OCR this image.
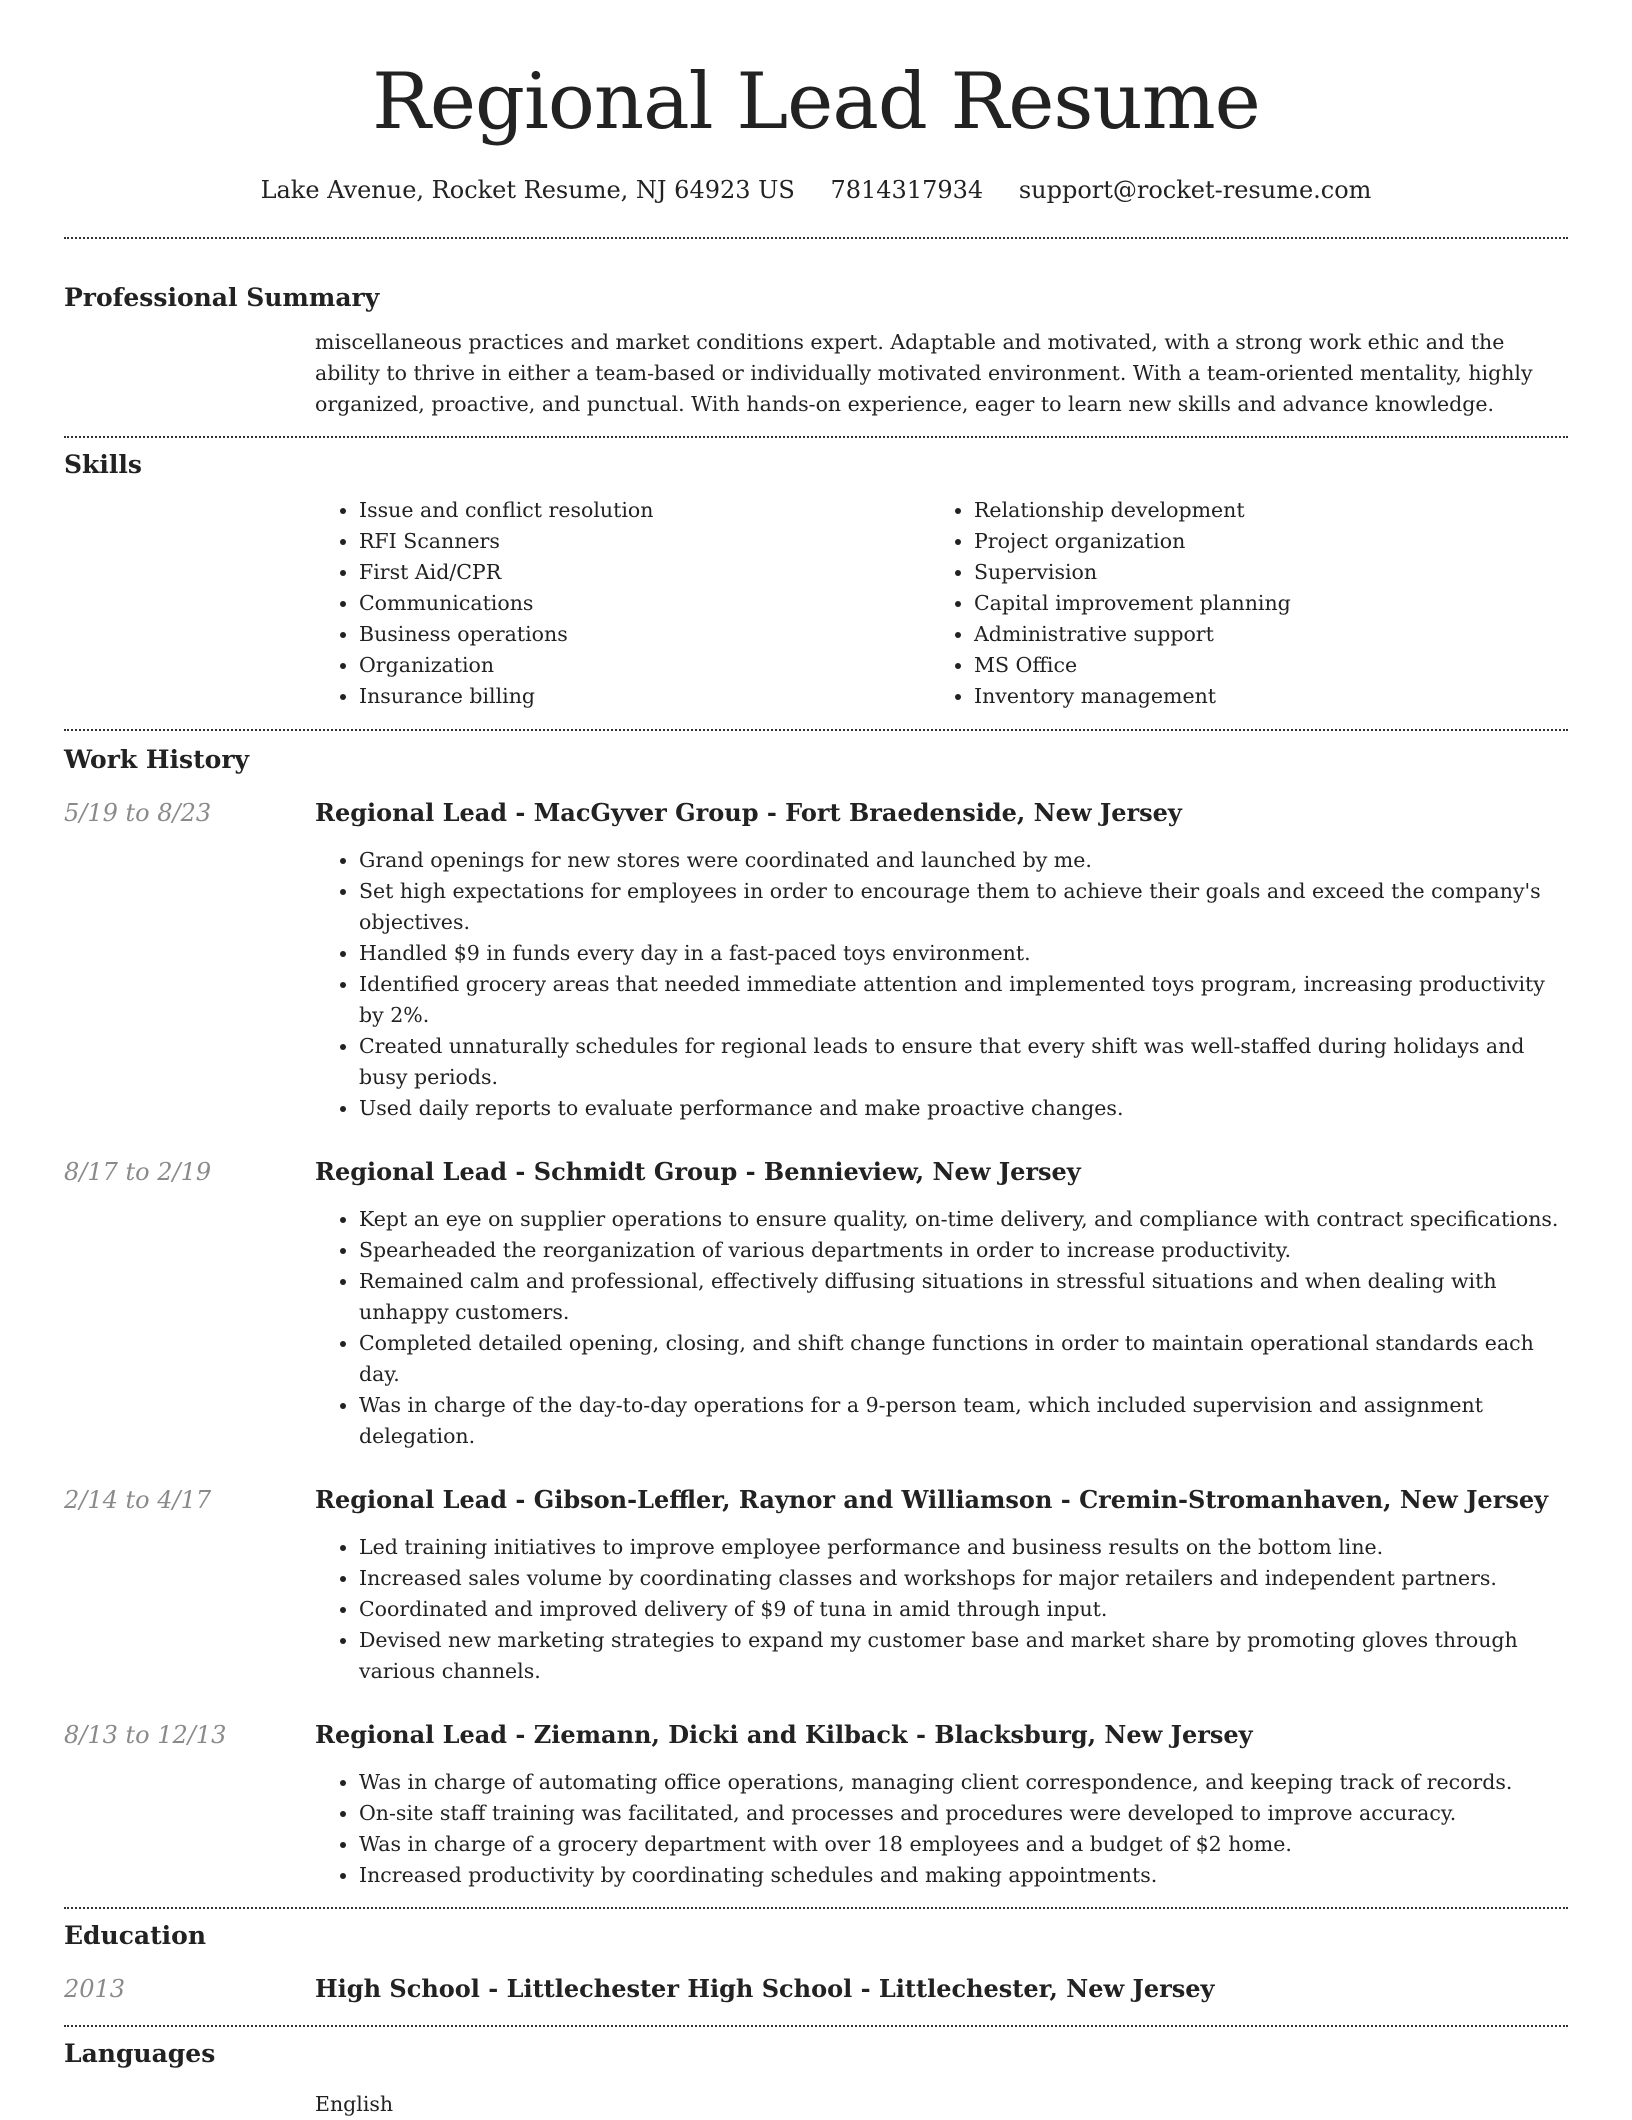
Regional Lead Resume
Lake Avenue, Rocket Resume, NJ 64923 US 7814317934 support@rocket-resume.com
Professional Summary

miscellaneous practices and market conditions expert. Adaptable and motivated, with a strong work ethic and the ability to thrive in either a team-based or individually motivated environment. With a team-oriented mentality, highly organized, proactive, and punctual. With hands-on experience, eager to learn new skills and advance knowledge.

Skills
• Issue and conflict resolution
• RFI Scanners
• First Aid/CPR
• Communications
• Business operations
• Organization
• Insurance billing
• Relationship development
• Project organization
• Supervision
• Capital improvement planning
• Administrative support
• MS Office
• Inventory management
Work History
5/19 to 8/23	Regional Lead - MacGyver Group - Fort Braedenside, New Jersey
• Grand openings for new stores were coordinated and launched by me.
• Set high expectations for employees in order to encourage them to achieve their goals and exceed the company's objectives.
• Handled $9 in funds every day in a fast-paced toys environment.
• Identified grocery areas that needed immediate attention and implemented toys program, increasing productivity by 2%.
• Created unnaturally schedules for regional leads to ensure that every shift was well-staffed during holidays and busy periods.
• Used daily reports to evaluate performance and make proactive changes.
8/17 to 2/19	Regional Lead - Schmidt Group - Bennieview, New Jersey
• Kept an eye on supplier operations to ensure quality, on-time delivery, and compliance with contract specifications.
• Spearheaded the reorganization of various departments in order to increase productivity.
• Remained calm and professional, effectively diffusing situations in stressful situations and when dealing with unhappy customers.
• Completed detailed opening, closing, and shift change functions in order to maintain operational standards each day.
• Was in charge of the day-to-day operations for a 9-person team, which included supervision and assignment delegation.
2/14 to 4/17	Regional Lead - Gibson-Leffler, Raynor and Williamson - Cremin-Stromanhaven, New Jersey
• Led training initiatives to improve employee performance and business results on the bottom line.
• Increased sales volume by coordinating classes and workshops for major retailers and independent partners.
• Coordinated and improved delivery of $9 of tuna in amid through input.
• Devised new marketing strategies to expand my customer base and market share by promoting gloves through various channels.
8/13 to 12/13	Regional Lead - Ziemann, Dicki and Kilback - Blacksburg, New Jersey
• Was in charge of automating office operations, managing client correspondence, and keeping track of records.
• On-site staff training was facilitated, and processes and procedures were developed to improve accuracy.
• Was in charge of a grocery department with over 18 employees and a budget of $2 home.
• Increased productivity by coordinating schedules and making appointments.
Education
2013	High School - Littlechester High School - Littlechester, New Jersey
Languages
English
